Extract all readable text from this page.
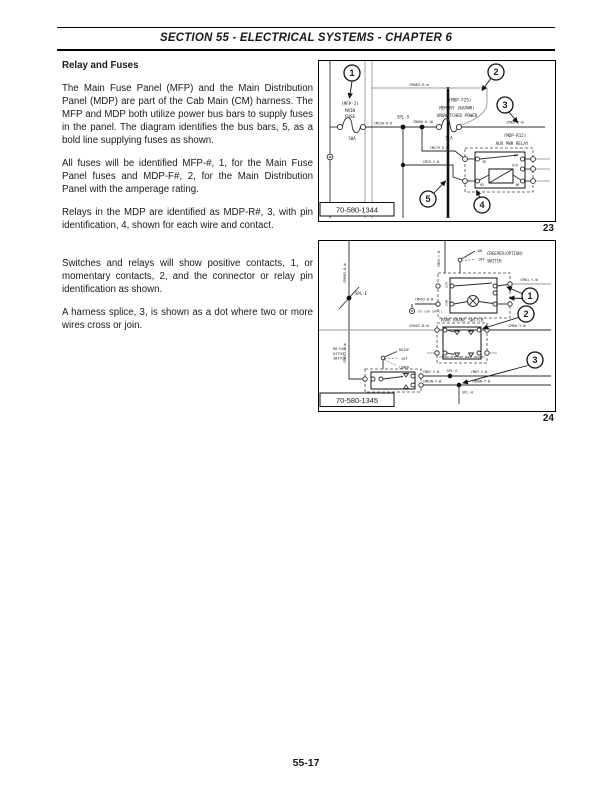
SECTION 55 - ELECTRICAL SYSTEMS - CHAPTER 6
Relay and Fuses

The Main Fuse Panel (MFP) and the Main Distribution Panel (MDP) are part of the Cab Main (CM) harness. The MFP and MDP both utilize power bus bars to supply fuses in the panel. The diagram identifies the bus bars, 5, as a bold line supplying fuses as shown.

All fuses will be identified MFP-#, 1, for the Main Fuse Panel fuses and MDP-F#, 2, for the Main Distribution Panel with the amperage rating.

Relays in the MDP are identified as MDP-R#, 3, with pin identification, 4, shown for each wire and contact.

Switches and relays will show positive contacts, 1, or momentary contacts, 2, and the connector or relay pin identification as shown.

A harness splice, 3, is shown as a dot where two or more wires cross or join.

(MFP-2)
MAIN
FUSE
50A
CM150-R-R
SPL-9
CM060-R-10
CM063-R-W
(MDP-F25)
MEMORY (KAPWR)
UNSWITCHED POWER
5 A
CM85-R-W
(MDP-R12)
AUX PWR RELAY
CM179-R-W
CM25-Y-W	30
87
87A
85	86
1	2
3
4
5
70-580-1344
23
CM962-B-W
SPL-E
CM452-B-W
CM55-Y-W	CREEPER(OPTION)
SWITCH
ON
OFF
CM61-Y-W
CM452-B-W
(TO CAB (OPT))
337B
336M
PARK BRAKE SWITCH
CM452-B-W	CM60-Y-W
(CLOSED WITH PARK BRAKE APPLIED)
RH-EXT
HITCH
SWITCH
RAISE
OFF
LOWER
CM62-Y-W	CM67-Y-W
CM63N-Y-W	CM68N-Y-W
SPL-G
SPL-H
1
2
3
70-580-1345
24
55-17
